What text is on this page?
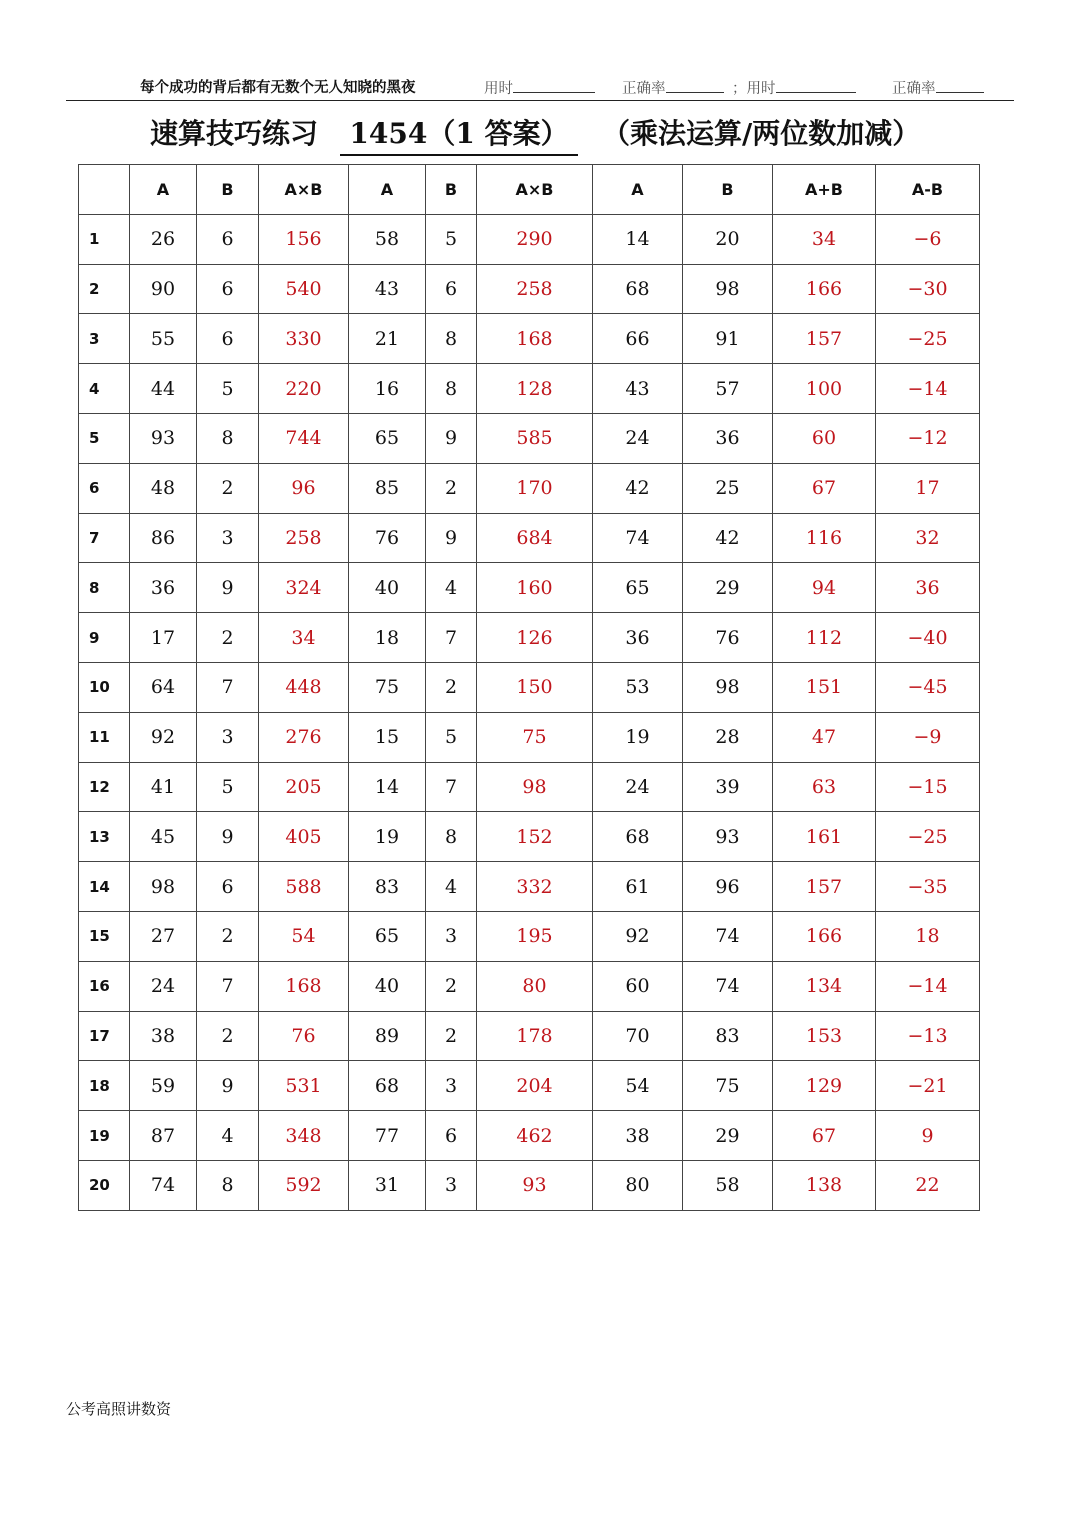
每个成功的背后都有无数个无人知晓的黑夜	用时	正确率	；用时	正确率
速算技巧练习	1454（1 答案）	（乘法运算/两位数加减）
	A	B	A×B	A	B	A×B	A	B	A+B	A-B
1	26	6	156	58	5	290	14	20	34	−6
2	90	6	540	43	6	258	68	98	166	−30
3	55	6	330	21	8	168	66	91	157	−25
4	44	5	220	16	8	128	43	57	100	−14
5	93	8	744	65	9	585	24	36	60	−12
6	48	2	96	85	2	170	42	25	67	17
7	86	3	258	76	9	684	74	42	116	32
8	36	9	324	40	4	160	65	29	94	36
9	17	2	34	18	7	126	36	76	112	−40
10	64	7	448	75	2	150	53	98	151	−45
11	92	3	276	15	5	75	19	28	47	−9
12	41	5	205	14	7	98	24	39	63	−15
13	45	9	405	19	8	152	68	93	161	−25
14	98	6	588	83	4	332	61	96	157	−35
15	27	2	54	65	3	195	92	74	166	18
16	24	7	168	40	2	80	60	74	134	−14
17	38	2	76	89	2	178	70	83	153	−13
18	59	9	531	68	3	204	54	75	129	−21
19	87	4	348	77	6	462	38	29	67	9
20	74	8	592	31	3	93	80	58	138	22
公考高照讲数资
